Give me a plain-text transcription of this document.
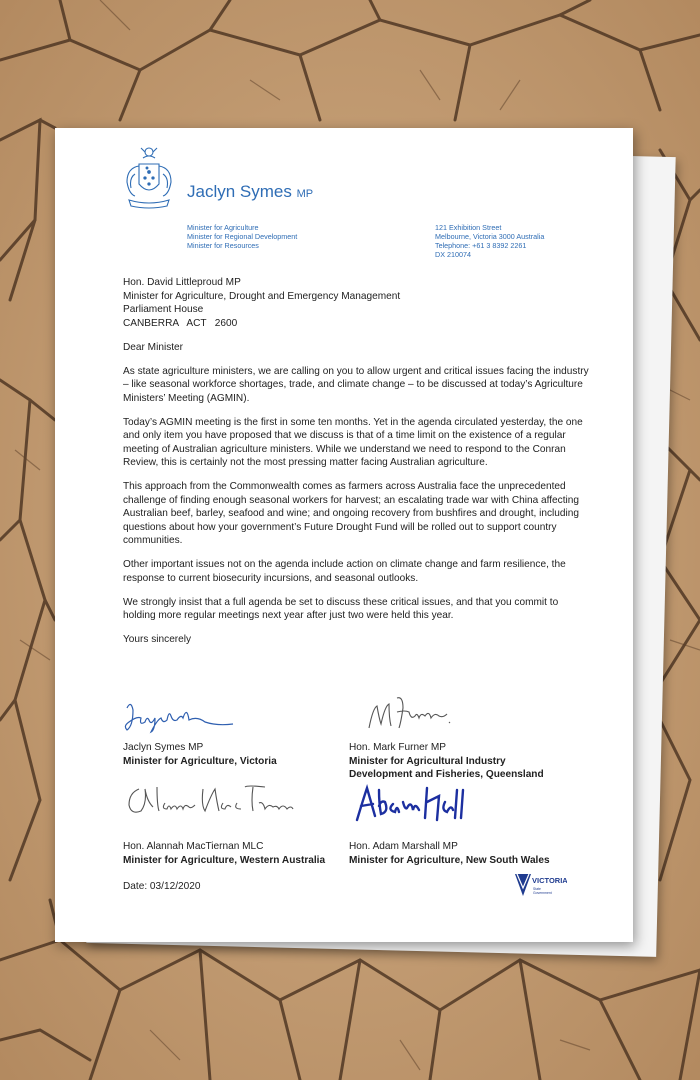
Jaclyn Symes MP
Minister for Agriculture
Minister for Regional Development
Minister for Resources
121 Exhibition Street
Melbourne, Victoria 3000 Australia
Telephone: +61 3 8392 2261
DX 210074

Hon. David Littleproud MP
Minister for Agriculture, Drought and Emergency Management
Parliament House
CANBERRA   ACT   2600

Dear Minister

As state agriculture ministers, we are calling on you to allow urgent and critical issues facing the industry – like seasonal workforce shortages, trade, and climate change – to be discussed at today’s Agriculture Ministers’ Meeting (AGMIN).

Today’s AGMIN meeting is the first in some ten months. Yet in the agenda circulated yesterday, the one and only item you have proposed that we discuss is that of a time limit on the existence of a regular meeting of Australian agriculture ministers. While we understand we need to respond to the Conran Review, this is certainly not the most pressing matter facing Australian agriculture.

This approach from the Commonwealth comes as farmers across Australia face the unprecedented challenge of finding enough seasonal workers for harvest; an escalating trade war with China affecting Australian beef, barley, seafood and wine; and ongoing recovery from bushfires and drought, including questions about how your government’s Future Drought Fund will be rolled out to support country communities.

Other important issues not on the agenda include action on climate change and farm resilience, the response to current biosecurity incursions, and seasonal outlooks.

We strongly insist that a full agenda be set to discuss these critical issues, and that you commit to holding more regular meetings next year after just two were held this year.

Yours sincerely

Jaclyn Symes MP
Minister for Agriculture, Victoria
Hon. Mark Furner MP
Minister for Agricultural Industry
Development and Fisheries, Queensland
Hon. Alannah MacTiernan MLC
Minister for Agriculture, Western Australia
Hon. Adam Marshall MP
Minister for Agriculture, New South Wales
Date: 03/12/2020
VICTORIA
State
Government
